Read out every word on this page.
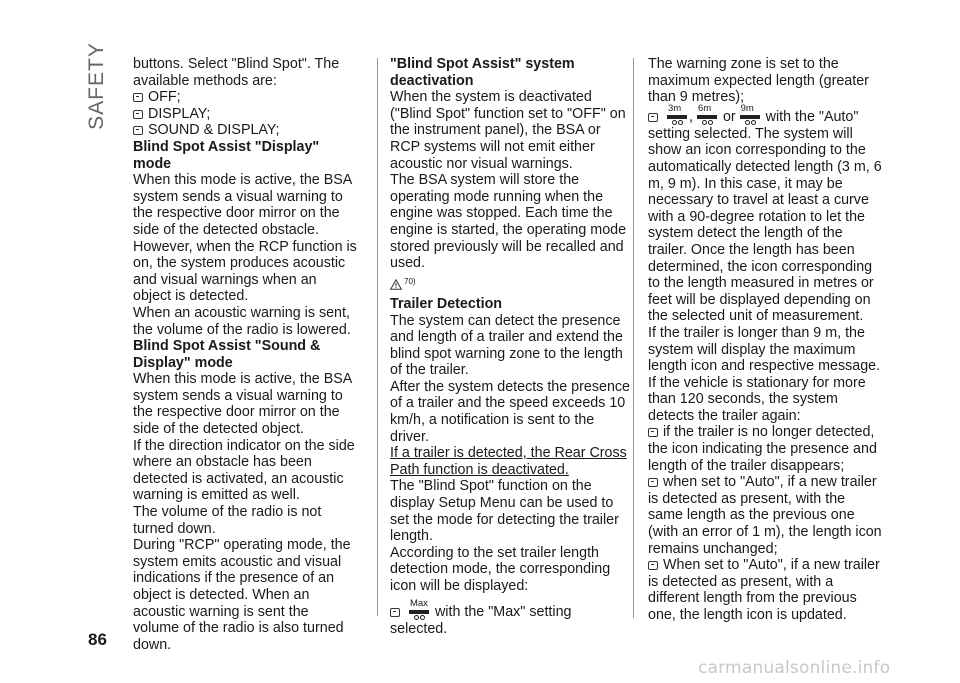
SAFETY buttons. Select "Blind Spot". The available methods are:

OFF;

DISPLAY;

SOUND & DISPLAY;

Blind Spot Assist "Display" mode

When this mode is active, the BSA system sends a visual warning to the respective door mirror on the side of the detected obstacle.

However, when the RCP function is on, the system produces acoustic and visual warnings when an object is detected.

When an acoustic warning is sent, the volume of the radio is lowered.

Blind Spot Assist "Sound & Display" mode

When this mode is active, the BSA system sends a visual warning to the respective door mirror on the side of the detected object.

If the direction indicator on the side where an obstacle has been detected is activated, an acoustic warning is emitted as well.

The volume of the radio is not turned down.

During "RCP" operating mode, the system emits acoustic and visual indications if the presence of an object is detected. When an acoustic warning is sent the volume of the radio is also turned down.

"Blind Spot Assist" system deactivation

When the system is deactivated ("Blind Spot" function set to "OFF" on the instrument panel), the BSA or RCP systems will not emit either acoustic nor visual warnings.

The BSA system will store the operating mode running when the engine was stopped. Each time the engine is started, the operating mode stored previously will be recalled and used.

70)

Trailer Detection

The system can detect the presence and length of a trailer and extend the blind spot warning zone to the length of the trailer.

After the system detects the presence of a trailer and the speed exceeds 10 km/h, a notification is sent to the driver.

If a trailer is detected, the Rear Cross Path function is deactivated.

The "Blind Spot" function on the display Setup Menu can be used to set the mode for detecting the trailer length.

According to the set trailer length detection mode, the corresponding icon will be displayed:

Max
with the "Max" setting selected.

The warning zone is set to the maximum expected length (greater than 9 metres);

3m
,
6m
or
9m
with the "Auto"

setting selected. The system will show an icon corresponding to the automatically detected length (3 m, 6 m, 9 m). In this case, it may be necessary to travel at least a curve with a 90-degree rotation to let the system detect the length of the trailer. Once the length has been determined, the icon corresponding to the length measured in metres or feet will be displayed depending on the selected unit of measurement.

If the trailer is longer than 9 m, the system will display the maximum length icon and respective message.

If the vehicle is stationary for more than 120 seconds, the system detects the trailer again:

if the trailer is no longer detected, the icon indicating the presence and length of the trailer disappears;

when set to "Auto", if a new trailer is detected as present, with the same length as the previous one (with an error of 1 m), the length icon remains unchanged;

When set to "Auto", if a new trailer is detected as present, with a different length from the previous one, the length icon is updated.

86
carmanualsonline.info
